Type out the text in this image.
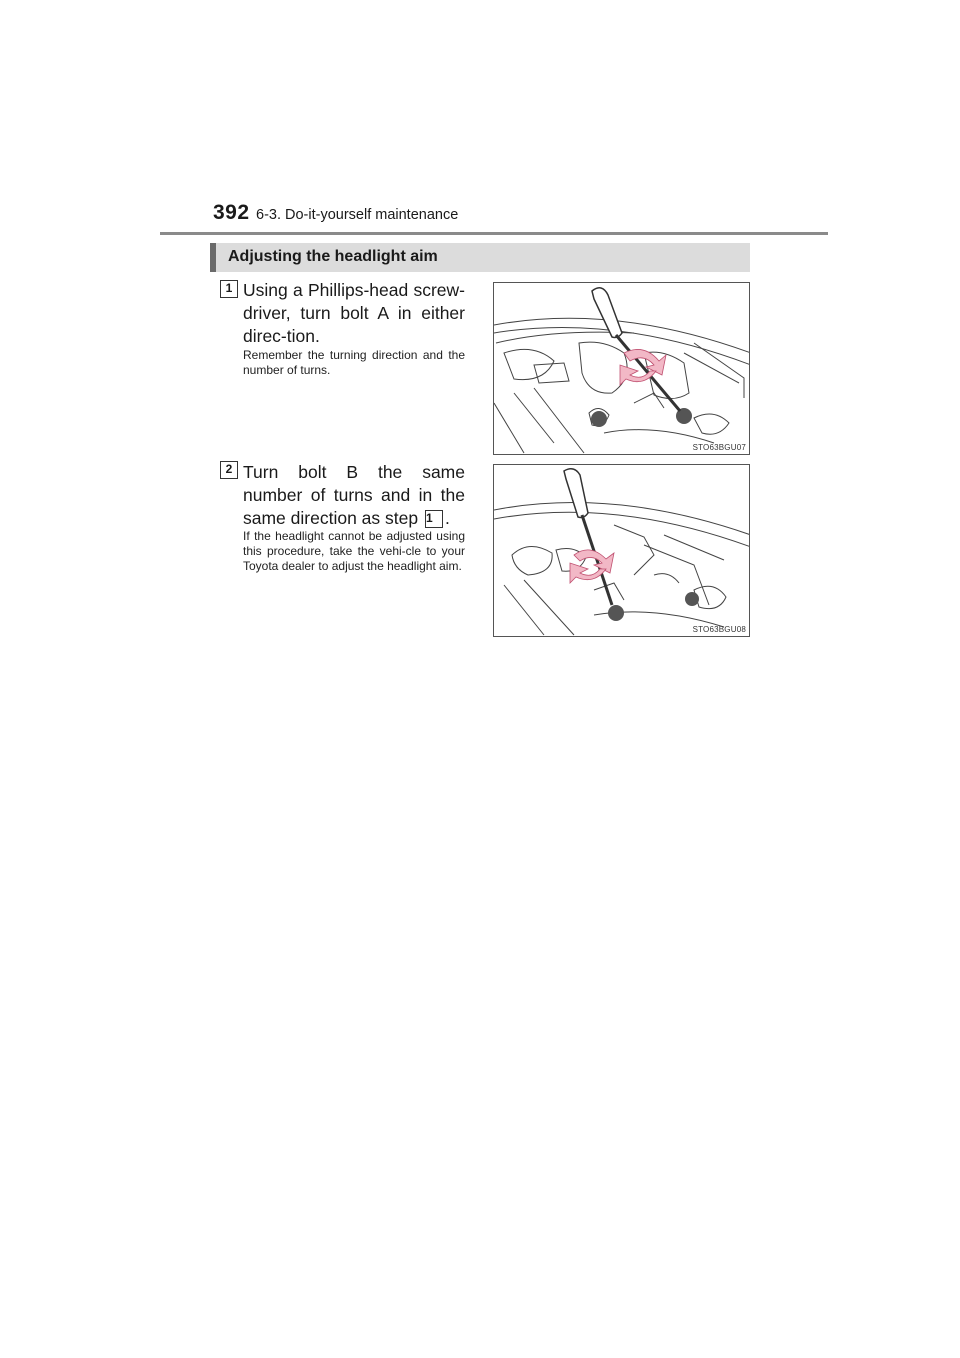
392 6-3. Do-it-yourself maintenance
Adjusting the headlight aim
1 Using a Phillips-head screw-driver, turn bolt A in either direc-tion.
Remember the turning direction and the number of turns.
STO63BGU07
2 Turn bolt B the same number of turns and in the same direction as step 1 .
If the headlight cannot be adjusted using this procedure, take the vehi-cle to your Toyota dealer to adjust the headlight aim.
STO63BGU08
